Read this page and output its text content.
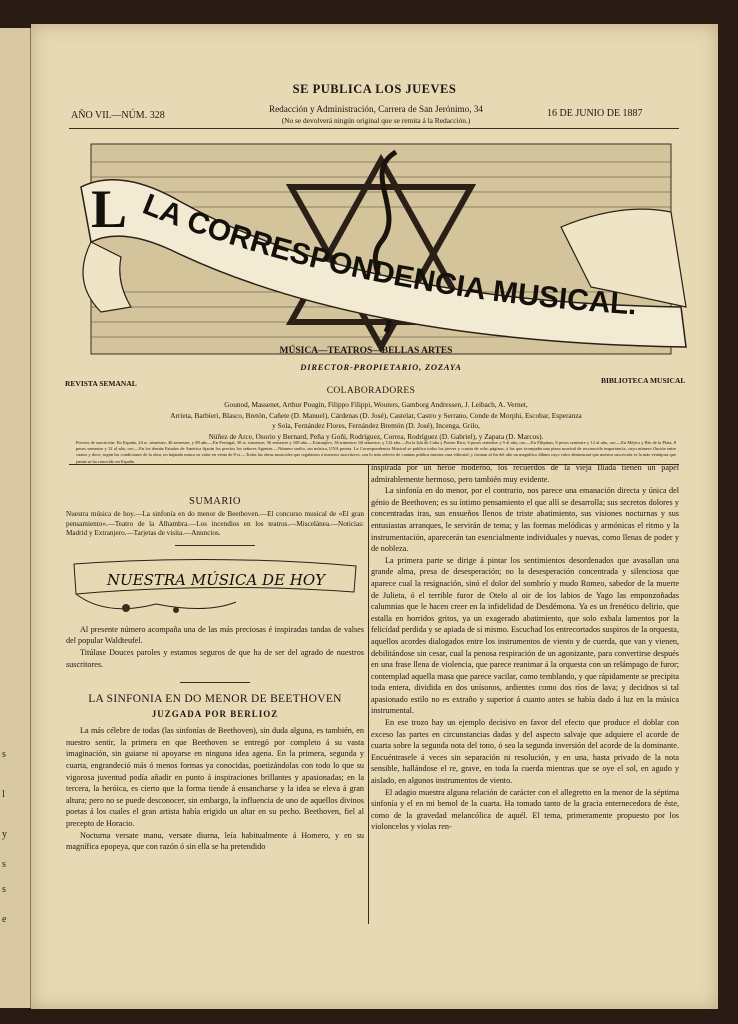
s
l
y
s
s
e
SE PUBLICA LOS JUEVES
AÑO VII.—NÚM. 328
Redacción y Administración, Carrera de San Jerónimo, 34
(No se devolverá ningún original que se remita á la Redacción.)
16 DE JUNIO DE 1887
L LA CORRESPONDENCIA MUSICAL.
MÚSICA—TEATROS—BELLAS ARTES
DIRECTOR-PROPIETARIO, ZOZAYA
REVISTA SEMANAL	BIBLIOTECA MUSICAL
COLABORADORES
Gounod, Massenet, Arthur Pougin, Filippo Filippi, Wouters, Gamborg Andressen, J. Leibach, A. Vernet,
Arrieta, Barbieri, Blasco, Bretón, Cañete (D. Manuel), Cárdenas (D. José), Castelar, Castro y Serrano, Conde de Morphi, Escobar, Esperanza
y Sola, Fernández Flores, Fernández Bremón (D. José), Incenga, Grilo,
Núñez de Arce, Osorio y Bernard, Peña y Goñi, Rodríguez, Correa, Rodríguez (D. Gabriel), y Zapata (D. Marcos).
Precios de suscrición: En España, 24 rs. trimestre; 46 semestre, y 88 año.—En Portugal, 30 rs. trimestre; 56 semestre y 108 año.—Extranjero, 36 trimestre; 68 semestre, y 132 año.—En la Isla de Cuba y Puerto Rico, 6 pesos semestre y 9 al año, oro.—En Filipinas, 8 pesos semestre y 12 al año, oro.—En Méjico y Río de la Plata, 8 pesos semestre y 12 al año, oro.—En los demás Estados de América fijarán los precios los señores Agentes.—Número suelto, sin música, UNA peseta. La Correspondencia Musical se publica todos los jueves y consta de ocho páginas, á las que acompaña una pieza musical de reconocida importancia, cuyo número fluctúa entre cuatro y doce, según las condiciones de la obra, no bajando nunca su valor en venta de 8 rs.—Todas las obras musicales que regalamos á nuestros suscritores, son lo más selecto de cuantas publica nuestra casa editorial, y forman al fin del año un magnífico álbum cuyo valor demostrará que nuestra suscrición es la más ventajosa que jamás se ha conocido en España.
SUMARIO
Nuestra música de hoy.—La sinfonía en do menor de Beethoven.—El concurso musical de «El gran pensamiento».—Teatro de la Alhambra.—Los incendios en los teatros.—Miscelánea.—Noticias: Madrid y Extranjero.—Tarjetas de visita.—Anuncios.
NUESTRA MÚSICA DE HOY

Al presente número acompaña una de las más preciosas é inspiradas tandas de valses del popular Waldteufel.

Titúlase Douces paroles y estamos seguros de que ha de ser del agrado de nuestros suscritores.

LA SINFONIA EN DO MENOR DE BEETHOVEN
JUZGADA POR BERLIOZ

La más célebre de todas (las sinfonías de Beethoven), sin duda alguna, es también, en nuestro sentir, la primera en que Beethoven se entregó por completo á su vasta imaginación, sin guiarse ni apoyarse en ninguna idea agena. En la primera, segunda y cuarta, engrandeció más ó menos formas ya conocidas, poetizándolas con todo lo que su vigorosa juventud podía añadir en punto á inspiraciones brillantes y apasionadas; en la tercera, la heróica, es cierto que la forma tiende á ensancharse y la idea se eleva á gran altura; pero no se puede desconocer, sin embargo, la influencia de uno de aquellos divinos poetas á los cuales el gran artista había erigido un altar en su pecho. Beethoven, fiel al precepto de Horacio.

Nocturna versate manu, versate diurna, leía habitualmente á Homero, y en su magnífica epopeya, que con razón ó sin ella se ha pretendido

inspirada por un héroe moderno, los recuerdos de la vieja Iliada tienen un papel admirablemente hermoso, pero también muy evidente.

La sinfonía en do menor, por el contrario, nos parece una emanación directa y única del génio de Beethoven; es su íntimo pensamiento el que allí se desarrolla; sus secretos dolores y concentradas iras, sus ensueños llenos de triste abatimiento, sus visiones nocturnas y sus entusiastas arranques, le servirán de tema; y las formas melódicas y armónicas el ritmo y la instrumentación, aparecerán tan esencialmente individuales y nuevas, como llenas de poder y de nobleza.

La primera parte se dirige á pintar los sentimientos desordenados que avasallan una grande alma, presa de desesperación; no la desesperación concentrada y silenciosa que aparece cual la resignación, sinó el dolor del sombrío y mudo Romeo, sabedor de la muerte de Julieta, ó el terrible furor de Otelo al oir de los labios de Yago las emponzoñadas calumnias que le hacen creer en la infidelidad de Desdémona. Ya es un frenético delirio, que estalla en horridos gritos, ya un exagerado abatimiento, que solo exhala lamentos por la felicidad perdida y se apiada de sí mismo. Escuchad los entrecortados suspiros de la orquesta, aquellos acordes dialogados entre los instrumentos de viento y de cuerda, que van y vienen, debilitándose sin cesar, cual la penosa respiración de un agonizante, para convertirse después en una frase llena de violencia, que parece reanimar á la orquesta con un relámpago de furor; contemplad aquella masa que parece vacilar, como temblando, y que rápidamente se precipita toda entera, dividida en dos unísonos, ardientes como dos ríos de lava; y decidnos si tal apasionado estilo no es extraño y superior á cuanto antes se había dado á luz en la música instrumental.

En ese trozo hay un ejemplo decisivo en favor del efecto que produce el doblar con exceso las partes en circunstancias dadas y del aspecto salvaje que adquiere el acorde de cuarta sobre la segunda nota del tono, ó sea la segunda inversión del acorde de la dominante. Encuéntrasele á veces sin separación ni resolución, y en una, hasta privado de la nota sensible, hallándose el re, grave, en toda la cuerda mientras que se oye el sol, en agudo y aislado, en algunos instrumentos de viento.

El adagio muestra alguna relación de carácter con el allegretto en la menor de la séptima sinfonía y el en mi bemol de la cuarta. Ha tomado tanto de la gracia enternecedora de éste, como de la gravedad melancólica de aquél. El tema, primeramente propuesto por los violoncelos y violas ren-
